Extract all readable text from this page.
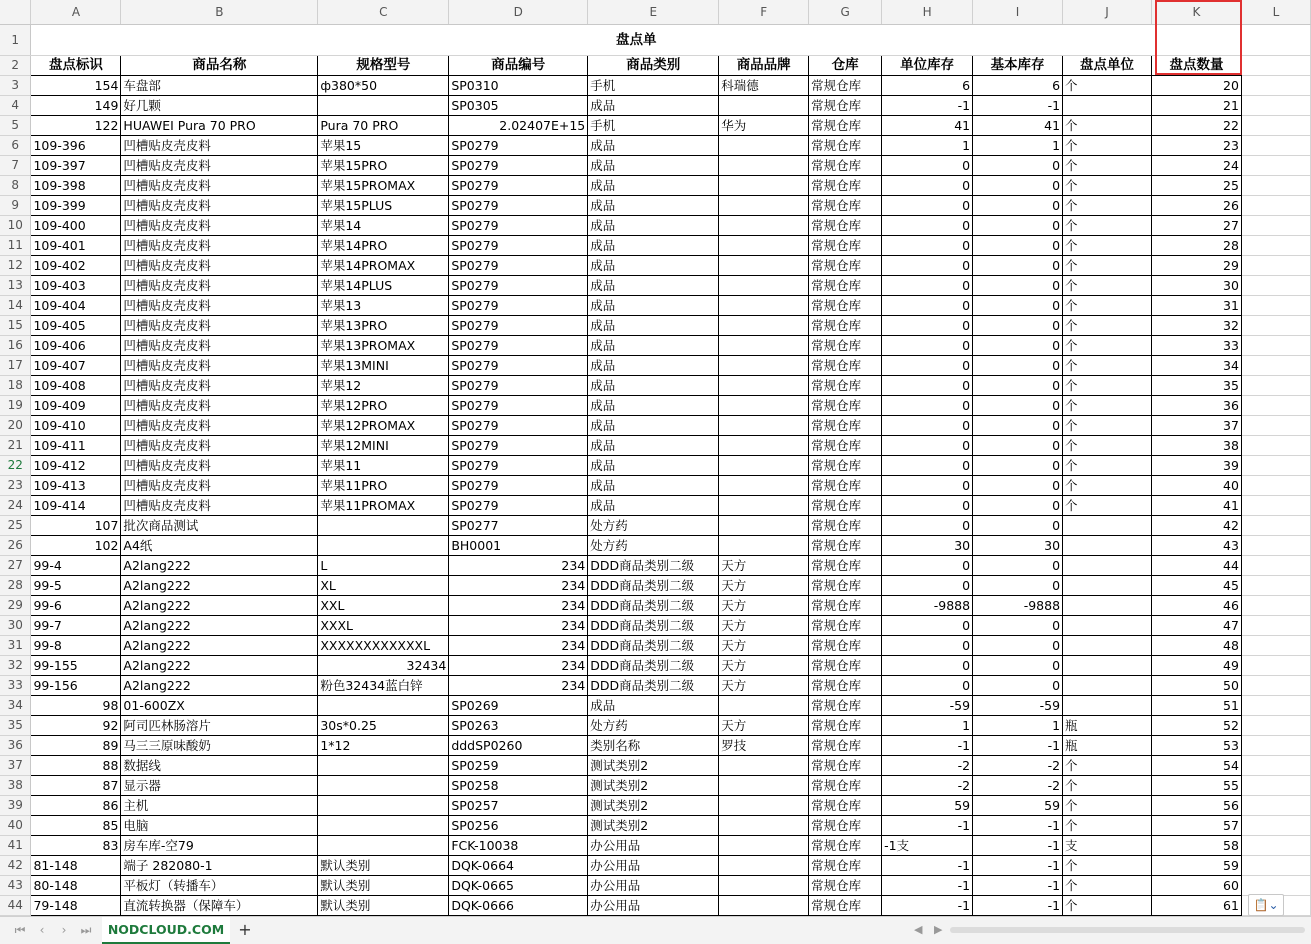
	A	B	C	D	E	F	G	H	I	J	K	L
1	盘点单											
2	盘点标识	商品名称	规格型号	商品编号	商品类别	商品品牌	仓库	单位库存	基本库存	盘点单位	盘点数量	
3	154	车盘部	ф380*50	SP0310	手机	科瑞德	常规仓库	6	6	个	20	
4	149	好几颗		SP0305	成品		常规仓库	-1	-1		21	
5	122	HUAWEI Pura 70 PRO	Pura 70 PRO	2.02407E+15	手机	华为	常规仓库	41	41	个	22	
6	109-396	凹槽贴皮壳皮料	苹果15	SP0279	成品		常规仓库	1	1	个	23	
7	109-397	凹槽贴皮壳皮料	苹果15PRO	SP0279	成品		常规仓库	0	0	个	24	
8	109-398	凹槽贴皮壳皮料	苹果15PROMAX	SP0279	成品		常规仓库	0	0	个	25	
9	109-399	凹槽贴皮壳皮料	苹果15PLUS	SP0279	成品		常规仓库	0	0	个	26	
10	109-400	凹槽贴皮壳皮料	苹果14	SP0279	成品		常规仓库	0	0	个	27	
11	109-401	凹槽贴皮壳皮料	苹果14PRO	SP0279	成品		常规仓库	0	0	个	28	
12	109-402	凹槽贴皮壳皮料	苹果14PROMAX	SP0279	成品		常规仓库	0	0	个	29	
13	109-403	凹槽贴皮壳皮料	苹果14PLUS	SP0279	成品		常规仓库	0	0	个	30	
14	109-404	凹槽贴皮壳皮料	苹果13	SP0279	成品		常规仓库	0	0	个	31	
15	109-405	凹槽贴皮壳皮料	苹果13PRO	SP0279	成品		常规仓库	0	0	个	32	
16	109-406	凹槽贴皮壳皮料	苹果13PROMAX	SP0279	成品		常规仓库	0	0	个	33	
17	109-407	凹槽贴皮壳皮料	苹果13MINI	SP0279	成品		常规仓库	0	0	个	34	
18	109-408	凹槽贴皮壳皮料	苹果12	SP0279	成品		常规仓库	0	0	个	35	
19	109-409	凹槽贴皮壳皮料	苹果12PRO	SP0279	成品		常规仓库	0	0	个	36	
20	109-410	凹槽贴皮壳皮料	苹果12PROMAX	SP0279	成品		常规仓库	0	0	个	37	
21	109-411	凹槽贴皮壳皮料	苹果12MINI	SP0279	成品		常规仓库	0	0	个	38	
22	109-412	凹槽贴皮壳皮料	苹果11	SP0279	成品		常规仓库	0	0	个	39	
23	109-413	凹槽贴皮壳皮料	苹果11PRO	SP0279	成品		常规仓库	0	0	个	40	
24	109-414	凹槽贴皮壳皮料	苹果11PROMAX	SP0279	成品		常规仓库	0	0	个	41	
25	107	批次商品测试		SP0277	处方药		常规仓库	0	0		42	
26	102	A4纸		BH0001	处方药		常规仓库	30	30		43	
27	99-4	A2lang222	L	234	DDD商品类别二级	天方	常规仓库	0	0		44	
28	99-5	A2lang222	XL	234	DDD商品类别二级	天方	常规仓库	0	0		45	
29	99-6	A2lang222	XXL	234	DDD商品类别二级	天方	常规仓库	-9888	-9888		46	
30	99-7	A2lang222	XXXL	234	DDD商品类别二级	天方	常规仓库	0	0		47	
31	99-8	A2lang222	XXXXXXXXXXXXL	234	DDD商品类别二级	天方	常规仓库	0	0		48	
32	99-155	A2lang222	32434	234	DDD商品类别二级	天方	常规仓库	0	0		49	
33	99-156	A2lang222	粉色32434蓝白锌	234	DDD商品类别二级	天方	常规仓库	0	0		50	
34	98	01-600ZX		SP0269	成品		常规仓库	-59	-59		51	
35	92	阿司匹林肠溶片	30s*0.25	SP0263	处方药	天方	常规仓库	1	1	瓶	52	
36	89	马三三原味酸奶	1*12	dddSP0260	类别名称	罗技	常规仓库	-1	-1	瓶	53	
37	88	数据线		SP0259	测试类别2		常规仓库	-2	-2	个	54	
38	87	显示器		SP0258	测试类别2		常规仓库	-2	-2	个	55	
39	86	主机		SP0257	测试类别2		常规仓库	59	59	个	56	
40	85	电脑		SP0256	测试类别2		常规仓库	-1	-1	个	57	
41	83	房车库-空79		FCK-10038	办公用品		常规仓库	-1支	-1	支	58	
42	81-148	端子 282080-1	默认类别	DQK-0664	办公用品		常规仓库	-1	-1	个	59	
43	80-148	平板灯（转播车）	默认类别	DQK-0665	办公用品		常规仓库	-1	-1	个	60	
44	79-148	直流转换器（保障车）	默认类别	DQK-0666	办公用品		常规仓库	-1	-1	个	61		📋⌄
⏮	‹	›	⏭	NODCLOUD.COM +	◀ ▶
